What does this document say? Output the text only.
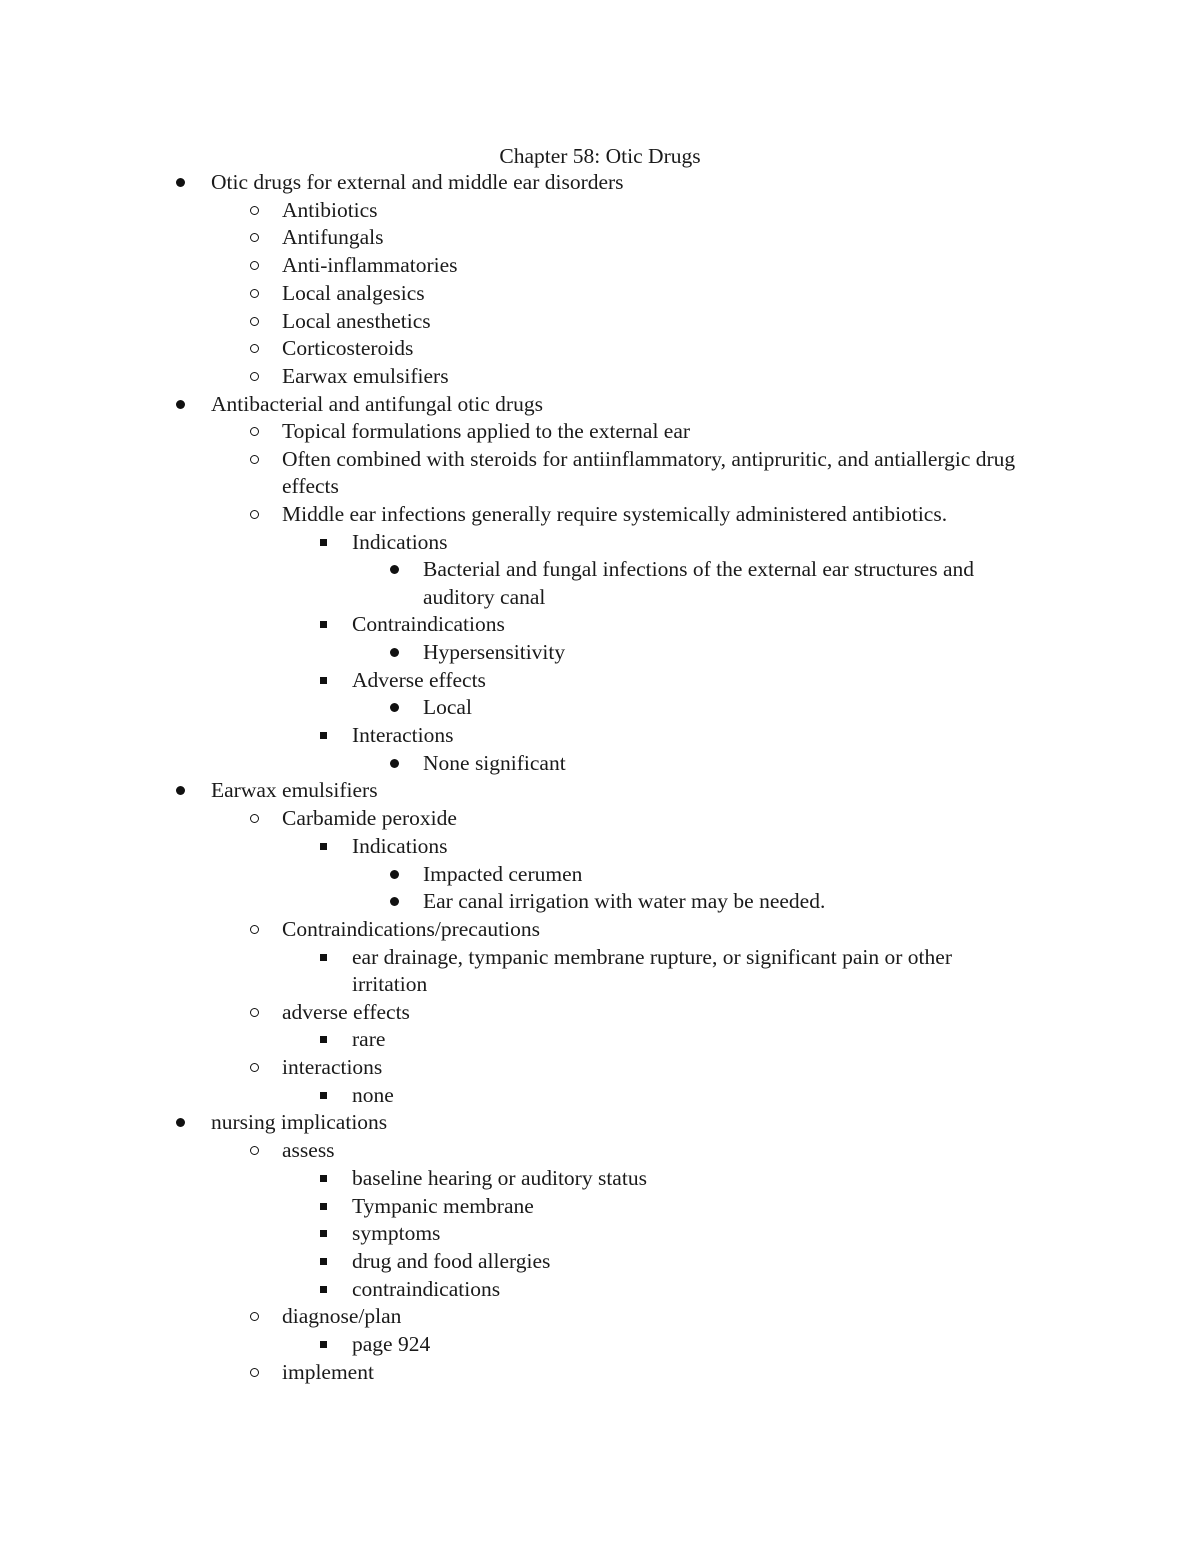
Chapter 58: Otic Drugs
Otic drugs for external and middle ear disorders
Antibiotics
Antifungals
Anti-inflammatories
Local analgesics
Local anesthetics
Corticosteroids
Earwax emulsifiers
Antibacterial and antifungal otic drugs
Topical formulations applied to the external ear
Often combined with steroids for antiinflammatory, antipruritic, and antiallergic drug effects
Middle ear infections generally require systemically administered antibiotics.
Indications
Bacterial and fungal infections of the external ear structures and auditory canal
Contraindications
Hypersensitivity
Adverse effects
Local
Interactions
None significant
Earwax emulsifiers
Carbamide peroxide
Indications
Impacted cerumen
Ear canal irrigation with water may be needed.
Contraindications/precautions
ear drainage, tympanic membrane rupture, or significant pain or other irritation
adverse effects
rare
interactions
none
nursing implications
assess
baseline hearing or auditory status
Tympanic membrane
symptoms
drug and food allergies
contraindications
diagnose/plan
page 924
implement
